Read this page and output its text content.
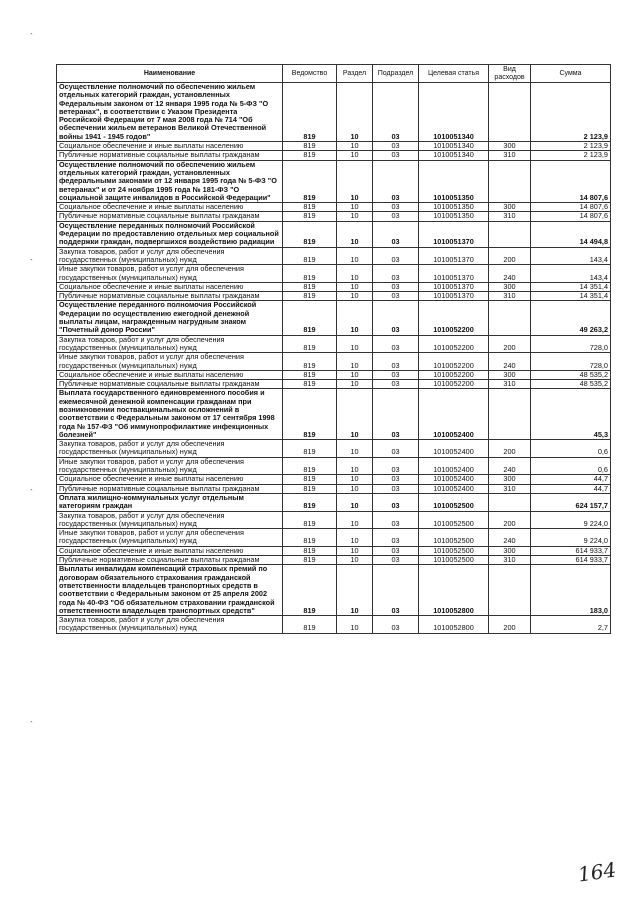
`
`
`
`
Наименование	Ведомство	Раздел	Подраздел	Целевая статья	Вид расходов	Сумма
Осуществление полномочий по обеспечению жильем отдельных категорий граждан, установленных Федеральным законом от 12 января 1995 года № 5-ФЗ "О ветеранах", в соответствии с Указом Президента Российской Федерации от 7 мая 2008 года № 714 "Об обеспечении жильем ветеранов Великой Отечественной войны 1941 - 1945 годов"	819	10	03	1010051340		2 123,9
Социальное обеспечение и иные выплаты населению	819	10	03	1010051340	300	2 123,9
Публичные нормативные социальные выплаты гражданам	819	10	03	1010051340	310	2 123,9
Осуществление полномочий по обеспечению жильем отдельных категорий граждан, установленных федеральными законами от 12 января 1995 года № 5-ФЗ "О ветеранах" и от 24 ноября 1995 года № 181-ФЗ "О социальной защите инвалидов в Российской Федерации"	819	10	03	1010051350		14 807,6
Социальное обеспечение и иные выплаты населению	819	10	03	1010051350	300	14 807,6
Публичные нормативные социальные выплаты гражданам	819	10	03	1010051350	310	14 807,6
Осуществление переданных полномочий Российской Федерации по предоставлению отдельных мер социальной поддержки граждан, подвергшихся воздействию радиации	819	10	03	1010051370		14 494,8
Закупка товаров, работ и услуг для обеспечения государственных (муниципальных) нужд	819	10	03	1010051370	200	143,4
Иные закупки товаров, работ и услуг для обеспечения государственных (муниципальных) нужд	819	10	03	1010051370	240	143,4
Социальное обеспечение и иные выплаты населению	819	10	03	1010051370	300	14 351,4
Публичные нормативные социальные выплаты гражданам	819	10	03	1010051370	310	14 351,4
Осуществление переданного полномочия Российской Федерации по осуществлению ежегодной денежной выплаты лицам, награжденным нагрудным знаком "Почетный донор России"	819	10	03	1010052200		49 263,2
Закупка товаров, работ и услуг для обеспечения государственных (муниципальных) нужд	819	10	03	1010052200	200	728,0
Иные закупки товаров, работ и услуг для обеспечения государственных (муниципальных) нужд	819	10	03	1010052200	240	728,0
Социальное обеспечение и иные выплаты населению	819	10	03	1010052200	300	48 535,2
Публичные нормативные социальные выплаты гражданам	819	10	03	1010052200	310	48 535,2
Выплата государственного единовременного пособия и ежемесячной денежной компенсации гражданам при возникновении поствакцинальных осложнений в соответствии с Федеральным законом от 17 сентября 1998 года № 157-ФЗ "Об иммунопрофилактике инфекционных болезней"	819	10	03	1010052400		45,3
Закупка товаров, работ и услуг для обеспечения государственных (муниципальных) нужд	819	10	03	1010052400	200	0,6
Иные закупки товаров, работ и услуг для обеспечения государственных (муниципальных) нужд	819	10	03	1010052400	240	0,6
Социальное обеспечение и иные выплаты населению	819	10	03	1010052400	300	44,7
Публичные нормативные социальные выплаты гражданам	819	10	03	1010052400	310	44,7
Оплата жилищно-коммунальных услуг отдельным категориям граждан	819	10	03	1010052500		624 157,7
Закупка товаров, работ и услуг для обеспечения государственных (муниципальных) нужд	819	10	03	1010052500	200	9 224,0
Иные закупки товаров, работ и услуг для обеспечения государственных (муниципальных) нужд	819	10	03	1010052500	240	9 224,0
Социальное обеспечение и иные выплаты населению	819	10	03	1010052500	300	614 933,7
Публичные нормативные социальные выплаты гражданам	819	10	03	1010052500	310	614 933,7
Выплаты инвалидам компенсаций страховых премий по договорам обязательного страхования гражданской ответственности владельцев транспортных средств в соответствии с Федеральным законом от 25 апреля 2002 года № 40-ФЗ "Об обязательном страховании гражданской ответственности владельцев транспортных средств"	819	10	03	1010052800		183,0
Закупка товаров, работ и услуг для обеспечения государственных (муниципальных) нужд	819	10	03	1010052800	200	2,7
164
